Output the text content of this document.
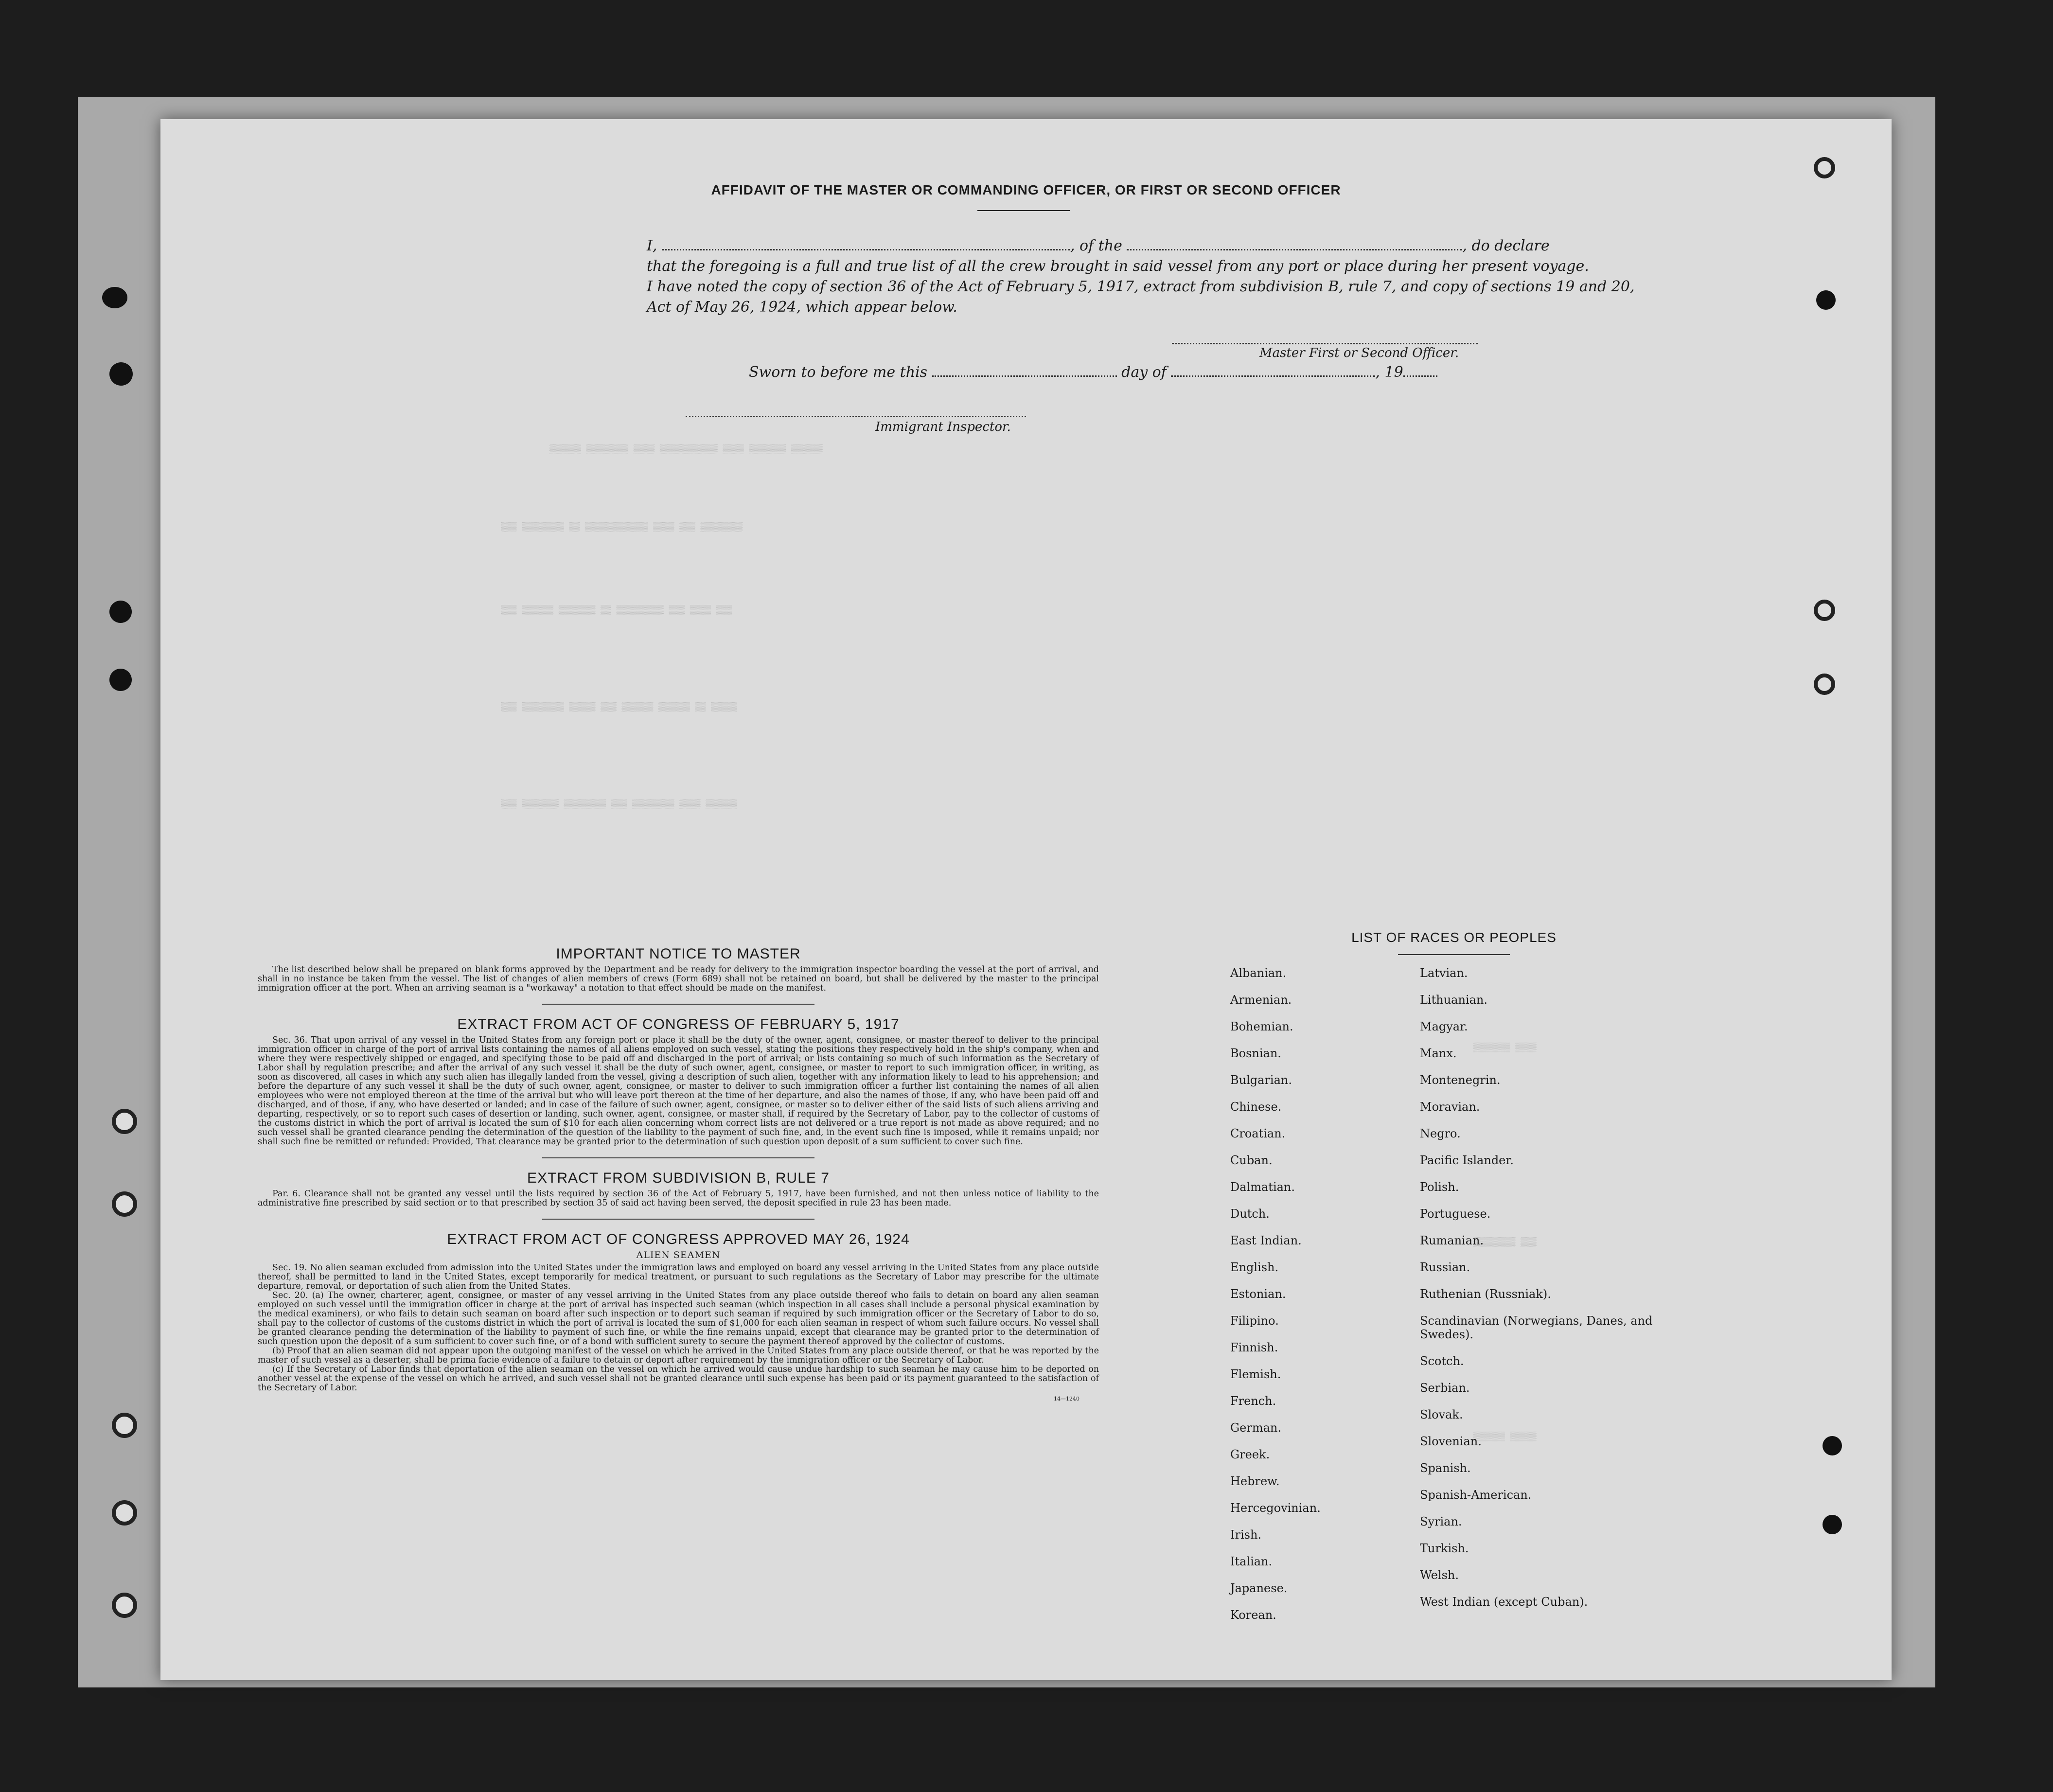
▒▒▒▒▒▒ ▒▒▒▒▒▒▒▒ ▒▒▒▒ ▒▒▒▒▒▒▒▒▒▒▒ ▒▒▒▒ ▒▒▒▒▒▒▒ ▒▒▒▒▒▒
▒▒▒ ▒▒▒▒▒▒▒▒ ▒▒ ▒▒▒▒▒▒▒▒▒▒▒▒ ▒▒▒▒ ▒▒▒ ▒▒▒▒▒▒▒▒
▒▒▒ ▒▒▒▒▒▒ ▒▒▒▒▒▒▒ ▒▒ ▒▒▒▒▒▒▒▒▒ ▒▒▒ ▒▒▒▒ ▒▒▒
▒▒▒ ▒▒▒▒▒▒▒▒ ▒▒▒▒▒ ▒▒▒ ▒▒▒▒▒▒ ▒▒▒▒▒▒ ▒▒ ▒▒▒▒▒
▒▒▒ ▒▒▒▒▒▒▒ ▒▒▒▒▒▒▒▒ ▒▒▒ ▒▒▒▒▒▒▒▒ ▒▒▒▒ ▒▒▒▒▒▒
▒▒▒▒▒▒▒ ▒▒▒▒
▒▒▒▒▒▒▒▒ ▒▒▒
▒▒▒▒▒▒ ▒▒▒▒▒
AFFIDAVIT OF THE MASTER OR COMMANDING OFFICER, OR FIRST OR SECOND OFFICER
I,	, of the	, do declare
that the foregoing is a full and true list of all the crew brought in said vessel from any port or place during her present voyage.
I have noted the copy of section 36 of the Act of February 5, 1917, extract from subdivision B, rule 7, and copy of sections 19 and 20,
Act of May 26, 1924, which appear below.
Master First or Second Officer.
Sworn to before me this	day of	, 19
Immigrant Inspector.
IMPORTANT NOTICE TO MASTER

The list described below shall be prepared on blank forms approved by the Department and be ready for delivery to the immigration inspector boarding the vessel at the port of arrival, and shall in no instance be taken from the vessel. The list of changes of alien members of crews (Form 689) shall not be retained on board, but shall be delivered by the master to the principal immigration officer at the port. When an arriving seaman is a "workaway" a notation to that effect should be made on the manifest.

EXTRACT FROM ACT OF CONGRESS OF FEBRUARY 5, 1917

Sec. 36. That upon arrival of any vessel in the United States from any foreign port or place it shall be the duty of the owner, agent, consignee, or master thereof to deliver to the principal immigration officer in charge of the port of arrival lists containing the names of all aliens employed on such vessel, stating the positions they respectively hold in the ship's company, when and where they were respectively shipped or engaged, and specifying those to be paid off and discharged in the port of arrival; or lists containing so much of such information as the Secretary of Labor shall by regulation prescribe; and after the arrival of any such vessel it shall be the duty of such owner, agent, consignee, or master to report to such immigration officer, in writing, as soon as discovered, all cases in which any such alien has illegally landed from the vessel, giving a description of such alien, together with any information likely to lead to his apprehension; and before the departure of any such vessel it shall be the duty of such owner, agent, consignee, or master to deliver to such immigration officer a further list containing the names of all alien employees who were not employed thereon at the time of the arrival but who will leave port thereon at the time of her departure, and also the names of those, if any, who have been paid off and discharged, and of those, if any, who have deserted or landed; and in case of the failure of such owner, agent, consignee, or master so to deliver either of the said lists of such aliens arriving and departing, respectively, or so to report such cases of desertion or landing, such owner, agent, consignee, or master shall, if required by the Secretary of Labor, pay to the collector of customs of the customs district in which the port of arrival is located the sum of $10 for each alien concerning whom correct lists are not delivered or a true report is not made as above required; and no such vessel shall be granted clearance pending the determination of the question of the liability to the payment of such fine, and, in the event such fine is imposed, while it remains unpaid; nor shall such fine be remitted or refunded: Provided, That clearance may be granted prior to the determination of such question upon deposit of a sum sufficient to cover such fine.

EXTRACT FROM SUBDIVISION B, RULE 7

Par. 6. Clearance shall not be granted any vessel until the lists required by section 36 of the Act of February 5, 1917, have been furnished, and not then unless notice of liability to the administrative fine prescribed by said section or to that prescribed by section 35 of said act having been served, the deposit specified in rule 23 has been made.

EXTRACT FROM ACT OF CONGRESS APPROVED MAY 26, 1924
ALIEN SEAMEN

Sec. 19. No alien seaman excluded from admission into the United States under the immigration laws and employed on board any vessel arriving in the United States from any place outside thereof, shall be permitted to land in the United States, except temporarily for medical treatment, or pursuant to such regulations as the Secretary of Labor may prescribe for the ultimate departure, removal, or deportation of such alien from the United States.

Sec. 20. (a) The owner, charterer, agent, consignee, or master of any vessel arriving in the United States from any place outside thereof who fails to detain on board any alien seaman employed on such vessel until the immigration officer in charge at the port of arrival has inspected such seaman (which inspection in all cases shall include a personal physical examination by the medical examiners), or who fails to detain such seaman on board after such inspection or to deport such seaman if required by such immigration officer or the Secretary of Labor to do so, shall pay to the collector of customs of the customs district in which the port of arrival is located the sum of $1,000 for each alien seaman in respect of whom such failure occurs. No vessel shall be granted clearance pending the determination of the liability to payment of such fine, or while the fine remains unpaid, except that clearance may be granted prior to the determination of such question upon the deposit of a sum sufficient to cover such fine, or of a bond with sufficient surety to secure the payment thereof approved by the collector of customs.

(b) Proof that an alien seaman did not appear upon the outgoing manifest of the vessel on which he arrived in the United States from any place outside thereof, or that he was reported by the master of such vessel as a deserter, shall be prima facie evidence of a failure to detain or deport after requirement by the immigration officer or the Secretary of Labor.

(c) If the Secretary of Labor finds that deportation of the alien seaman on the vessel on which he arrived would cause undue hardship to such seaman he may cause him to be deported on another vessel at the expense of the vessel on which he arrived, and such vessel shall not be granted clearance until such expense has been paid or its payment guaranteed to the satisfaction of the Secretary of Labor.

14—1240
LIST OF RACES OR PEOPLES
Albanian.
Armenian.
Bohemian.
Bosnian.
Bulgarian.
Chinese.
Croatian.
Cuban.
Dalmatian.
Dutch.
East Indian.
English.
Estonian.
Filipino.
Finnish.
Flemish.
French.
German.
Greek.
Hebrew.
Hercegovinian.
Irish.
Italian.
Japanese.
Korean.
Latvian.
Lithuanian.
Magyar.
Manx.
Montenegrin.
Moravian.
Negro.
Pacific Islander.
Polish.
Portuguese.
Rumanian.
Russian.
Ruthenian (Russniak).
Scandinavian (Norwegians, Danes, and Swedes).
Scotch.
Serbian.
Slovak.
Slovenian.
Spanish.
Spanish-American.
Syrian.
Turkish.
Welsh.
West Indian (except Cuban).
